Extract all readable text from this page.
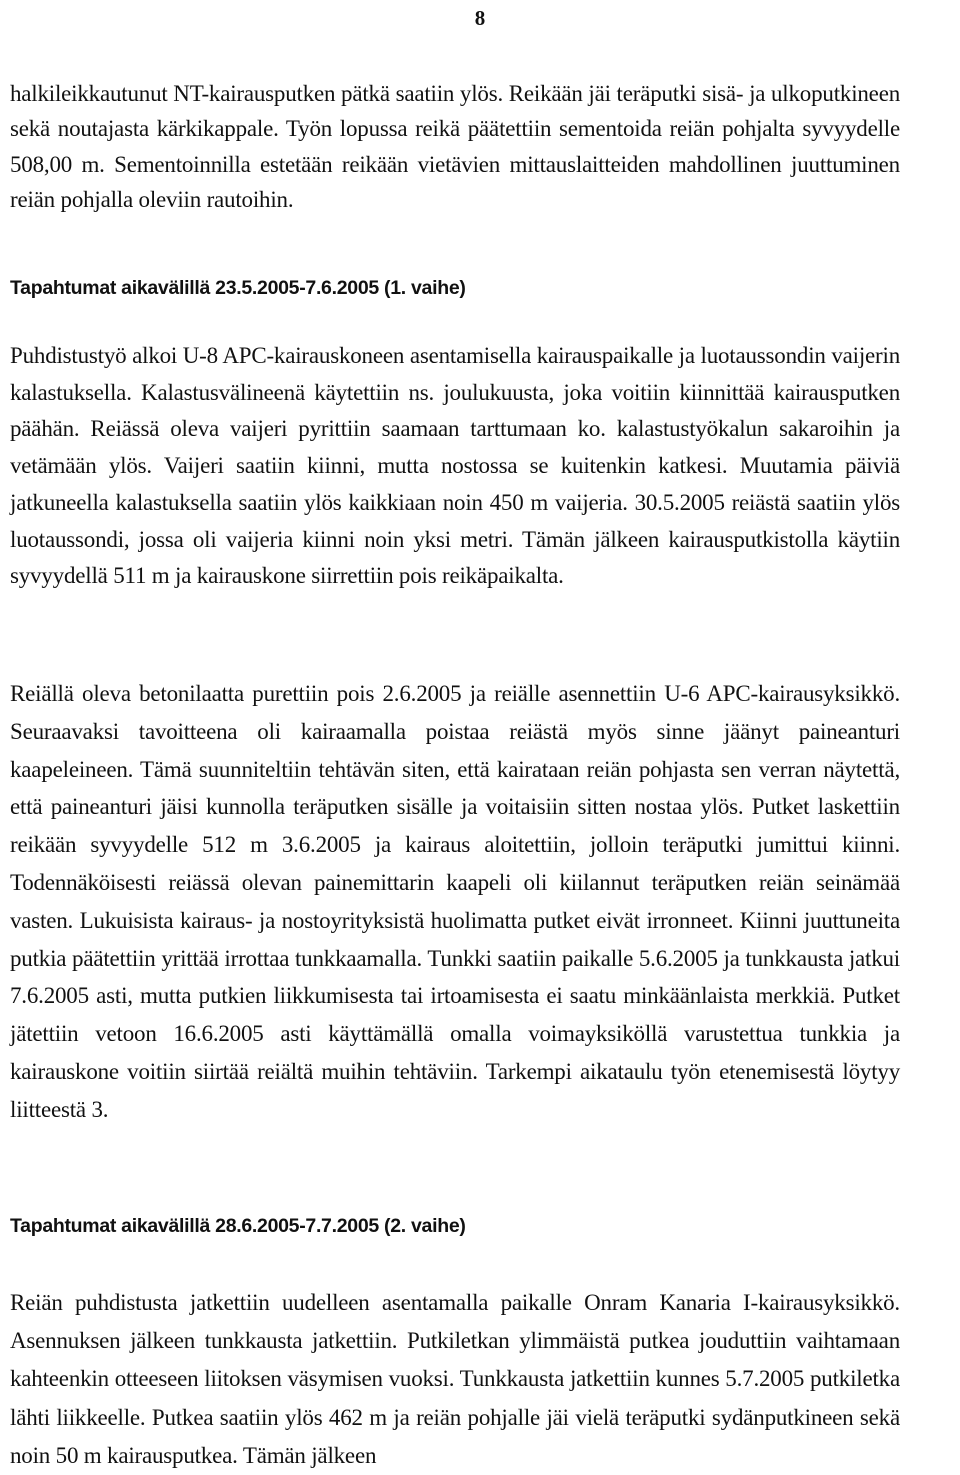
8

halkileikkautunut NT-kairausputken pätkä saatiin ylös. Reikään jäi teräputki sisä- ja ulkoputkineen sekä noutajasta kärkikappale. Työn lopussa reikä päätettiin sementoida reiän pohjalta syvyydelle 508,00 m. Sementoinnilla estetään reikään vietävien mittauslaitteiden mahdollinen juuttuminen reiän pohjalla oleviin rautoihin.

Tapahtumat aikavälillä 23.5.2005-7.6.2005 (1. vaihe)

Puhdistustyö alkoi U-8 APC-kairauskoneen asentamisella kairauspaikalle ja luotaussondin vaijerin kalastuksella. Kalastusvälineenä käytettiin ns. joulukuusta, joka voitiin kiinnittää kairausputken päähän. Reiässä oleva vaijeri pyrittiin saamaan tarttumaan ko. kalastustyökalun sakaroihin ja vetämään ylös. Vaijeri saatiin kiinni, mutta nostossa se kuitenkin katkesi. Muutamia päiviä jatkuneella kalastuksella saatiin ylös kaikkiaan noin 450 m vaijeria. 30.5.2005 reiästä saatiin ylös luotaussondi, jossa oli vaijeria kiinni noin yksi metri. Tämän jälkeen kairausputkistolla käytiin syvyydellä 511 m ja kairauskone siirrettiin pois reikäpaikalta.

Reiällä oleva betonilaatta purettiin pois 2.6.2005 ja reiälle asennettiin U-6 APC-kairausyksikkö. Seuraavaksi tavoitteena oli kairaamalla poistaa reiästä myös sinne jäänyt paineanturi kaapeleineen. Tämä suunniteltiin tehtävän siten, että kairataan reiän pohjasta sen verran näytettä, että paineanturi jäisi kunnolla teräputken sisälle ja voitaisiin sitten nostaa ylös. Putket laskettiin reikään syvyydelle 512 m 3.6.2005 ja kairaus aloitettiin, jolloin teräputki jumittui kiinni. Todennäköisesti reiässä olevan painemittarin kaapeli oli kiilannut teräputken reiän seinämää vasten. Lukuisista kairaus- ja nostoyrityksistä huolimatta putket eivät irronneet. Kiinni juuttuneita putkia päätettiin yrittää irrottaa tunkkaamalla. Tunkki saatiin paikalle 5.6.2005 ja tunkkausta jatkui 7.6.2005 asti, mutta putkien liikkumisesta tai irtoamisesta ei saatu minkäänlaista merkkiä. Putket jätettiin vetoon 16.6.2005 asti käyttämällä omalla voimayksiköllä varustettua tunkkia ja kairauskone voitiin siirtää reiältä muihin tehtäviin. Tarkempi aikataulu työn etenemisestä löytyy liitteestä 3.

Tapahtumat aikavälillä 28.6.2005-7.7.2005 (2. vaihe)

Reiän puhdistusta jatkettiin uudelleen asentamalla paikalle Onram Kanaria I-kairausyksikkö. Asennuksen jälkeen tunkkausta jatkettiin. Putkiletkan ylimmäistä putkea jouduttiin vaihtamaan kahteenkin otteeseen liitoksen väsymisen vuoksi. Tunkkausta jatkettiin kunnes 5.7.2005 putkiletka lähti liikkeelle. Putkea saatiin ylös 462 m ja reiän pohjalle jäi vielä teräputki sydänputkineen sekä noin 50 m kairausputkea. Tämän jälkeen
